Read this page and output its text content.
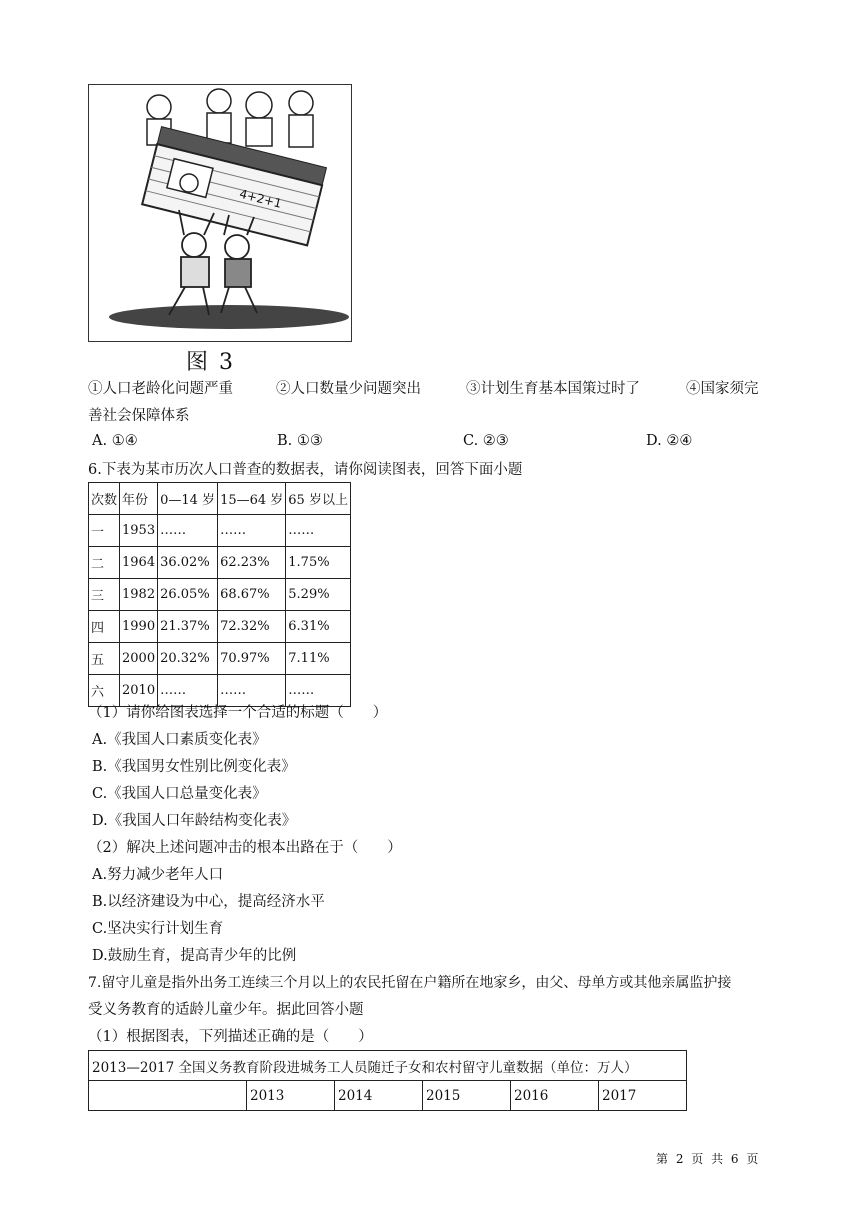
4+2+1
图 3
①人口老龄化问题严重	②人口数量少问题突出	③计划生育基本国策过时了	④国家须完
善社会保障体系
A. ①④	B. ①③	C. ②③	D. ②④
6.下表为某市历次人口普查的数据表，请你阅读图表，回答下面小题
次数	年份	0—14 岁	15—64 岁	65 岁以上
一	1953	……	……	……
二	1964	36.02%	62.23%	1.75%
三	1982	26.05%	68.67%	5.29%
四	1990	21.37%	72.32%	6.31%
五	2000	20.32%	70.97%	7.11%
六	2010	……	……	……
（1）请你给图表选择一个合适的标题（　　）
A.《我国人口素质变化表》
B.《我国男女性别比例变化表》
C.《我国人口总量变化表》
D.《我国人口年龄结构变化表》
（2）解决上述问题冲击的根本出路在于（　　）
A.努力减少老年人口
B.以经济建设为中心，提高经济水平
C.坚决实行计划生育
D.鼓励生育，提高青少年的比例
7.留守儿童是指外出务工连续三个月以上的农民托留在户籍所在地家乡，由父、母单方或其他亲属监护接
受义务教育的适龄儿童少年。据此回答小题
（1）根据图表，下列描述正确的是（　　）
2013—2017 全国义务教育阶段进城务工人员随迁子女和农村留守儿童数据（单位：万人）
	2013	2014	2015	2016	2017
第 2 页 共 6 页
